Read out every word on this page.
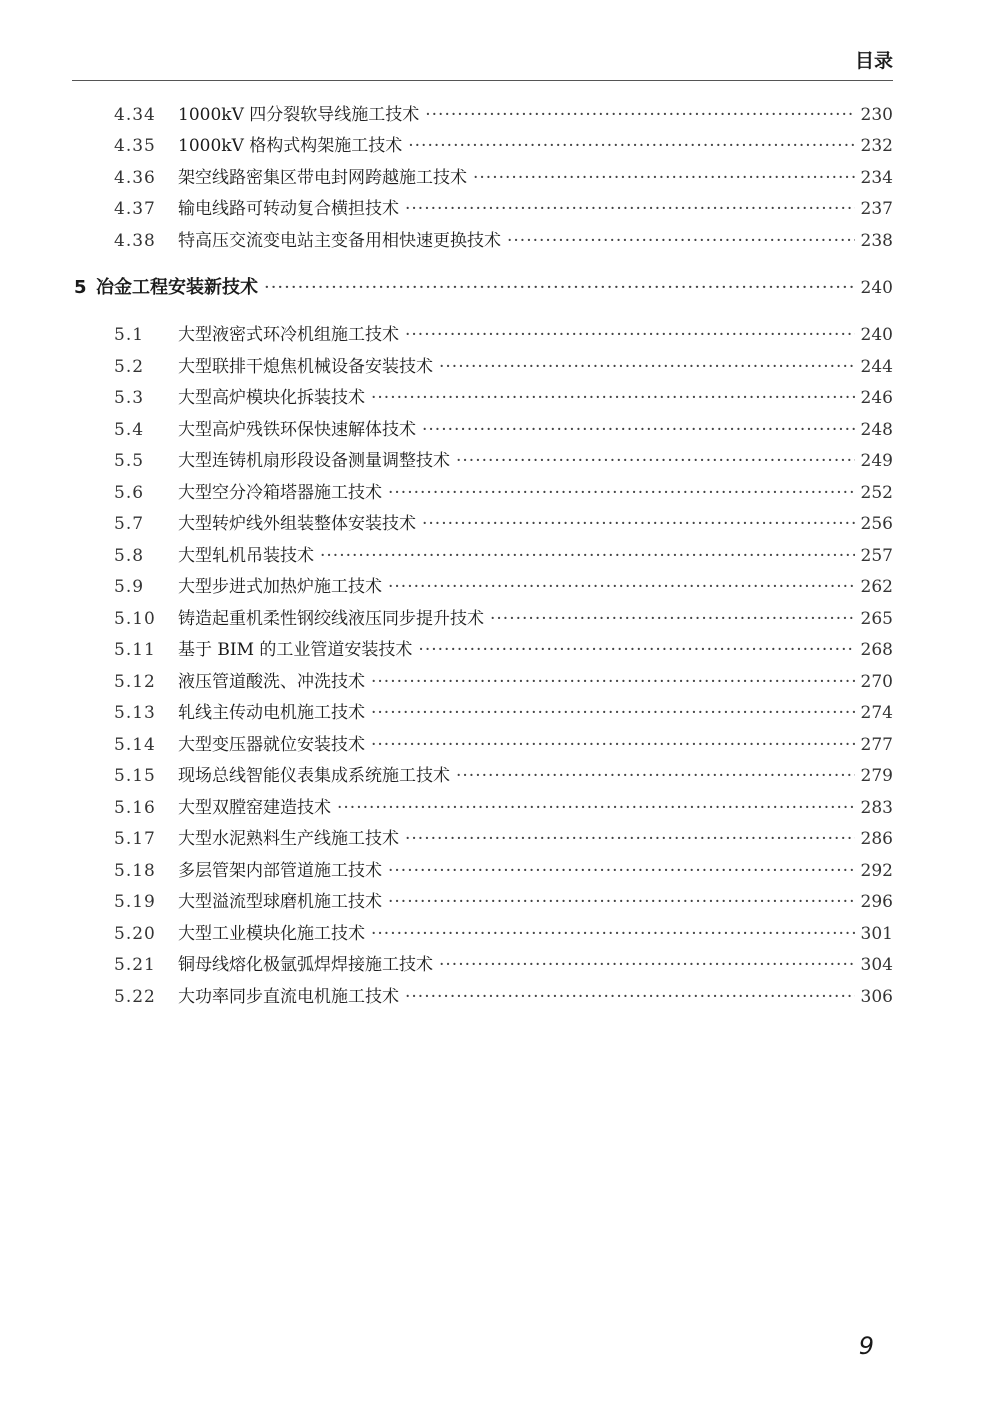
目录
4.34	1000kV 四分裂软导线施工技术 ·····	230
4.35	1000kV 格构式构架施工技术 ·····	232
4.36	架空线路密集区带电封网跨越施工技术 ·····	234
4.37	输电线路可转动复合横担技术 ·····	237
4.38	特高压交流变电站主变备用相快速更换技术 ·····	238
5 冶金工程安装新技术 ·····	240
5.1	大型液密式环冷机组施工技术 ·····	240
5.2	大型联排干熄焦机械设备安装技术 ·····	244
5.3	大型高炉模块化拆装技术 ·····	246
5.4	大型高炉残铁环保快速解体技术 ·····	248
5.5	大型连铸机扇形段设备测量调整技术 ·····	249
5.6	大型空分冷箱塔器施工技术 ·····	252
5.7	大型转炉线外组装整体安装技术 ·····	256
5.8	大型轧机吊装技术 ·····	257
5.9	大型步进式加热炉施工技术 ·····	262
5.10	铸造起重机柔性钢绞线液压同步提升技术 ·····	265
5.11	基于 BIM 的工业管道安装技术 ·····	268
5.12	液压管道酸洗、冲洗技术 ·····	270
5.13	轧线主传动电机施工技术 ·····	274
5.14	大型变压器就位安装技术 ·····	277
5.15	现场总线智能仪表集成系统施工技术 ·····	279
5.16	大型双膛窑建造技术 ·····	283
5.17	大型水泥熟料生产线施工技术 ·····	286
5.18	多层管架内部管道施工技术 ·····	292
5.19	大型溢流型球磨机施工技术 ·····	296
5.20	大型工业模块化施工技术 ·····	301
5.21	铜母线熔化极氩弧焊焊接施工技术 ·····	304
5.22	大功率同步直流电机施工技术 ·····	306
9
